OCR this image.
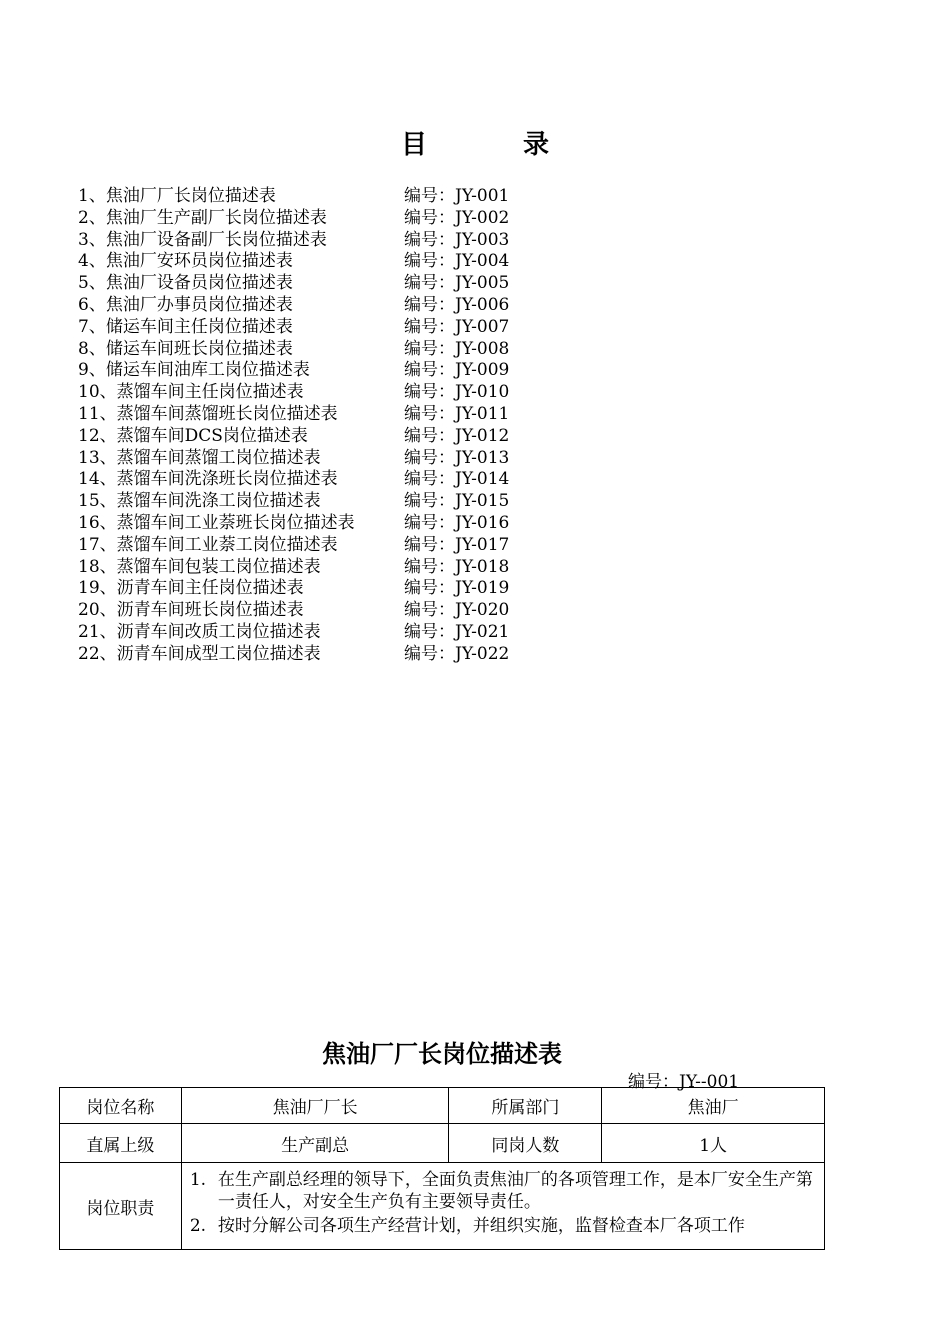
目	录
1、焦油厂厂长岗位描述表	编号：JY-001
2、焦油厂生产副厂长岗位描述表	编号：JY-002
3、焦油厂设备副厂长岗位描述表	编号：JY-003
4、焦油厂安环员岗位描述表	编号：JY-004
5、焦油厂设备员岗位描述表	编号：JY-005
6、焦油厂办事员岗位描述表	编号：JY-006
7、储运车间主任岗位描述表	编号：JY-007
8、储运车间班长岗位描述表	编号：JY-008
9、储运车间油库工岗位描述表	编号：JY-009
10、蒸馏车间主任岗位描述表	编号：JY-010
11、蒸馏车间蒸馏班长岗位描述表	编号：JY-011
12、蒸馏车间DCS岗位描述表	编号：JY-012
13、蒸馏车间蒸馏工岗位描述表	编号：JY-013
14、蒸馏车间洗涤班长岗位描述表	编号：JY-014
15、蒸馏车间洗涤工岗位描述表	编号：JY-015
16、蒸馏车间工业萘班长岗位描述表	编号：JY-016
17、蒸馏车间工业萘工岗位描述表	编号：JY-017
18、蒸馏车间包装工岗位描述表	编号：JY-018
19、沥青车间主任岗位描述表	编号：JY-019
20、沥青车间班长岗位描述表	编号：JY-020
21、沥青车间改质工岗位描述表	编号：JY-021
22、沥青车间成型工岗位描述表	编号：JY-022
焦油厂厂长岗位描述表
编号：JY--001
岗位名称	焦油厂厂长	所属部门	焦油厂
直属上级	生产副总	同岗人数	1人
岗位职责	1. 在生产副总经理的领导下，全面负责焦油厂的各项管理工作，是本厂安全生产第一责任人，对安全生产负有主要领导责任。
2. 按时分解公司各项生产经营计划，并组织实施，监督检查本厂各项工作		
